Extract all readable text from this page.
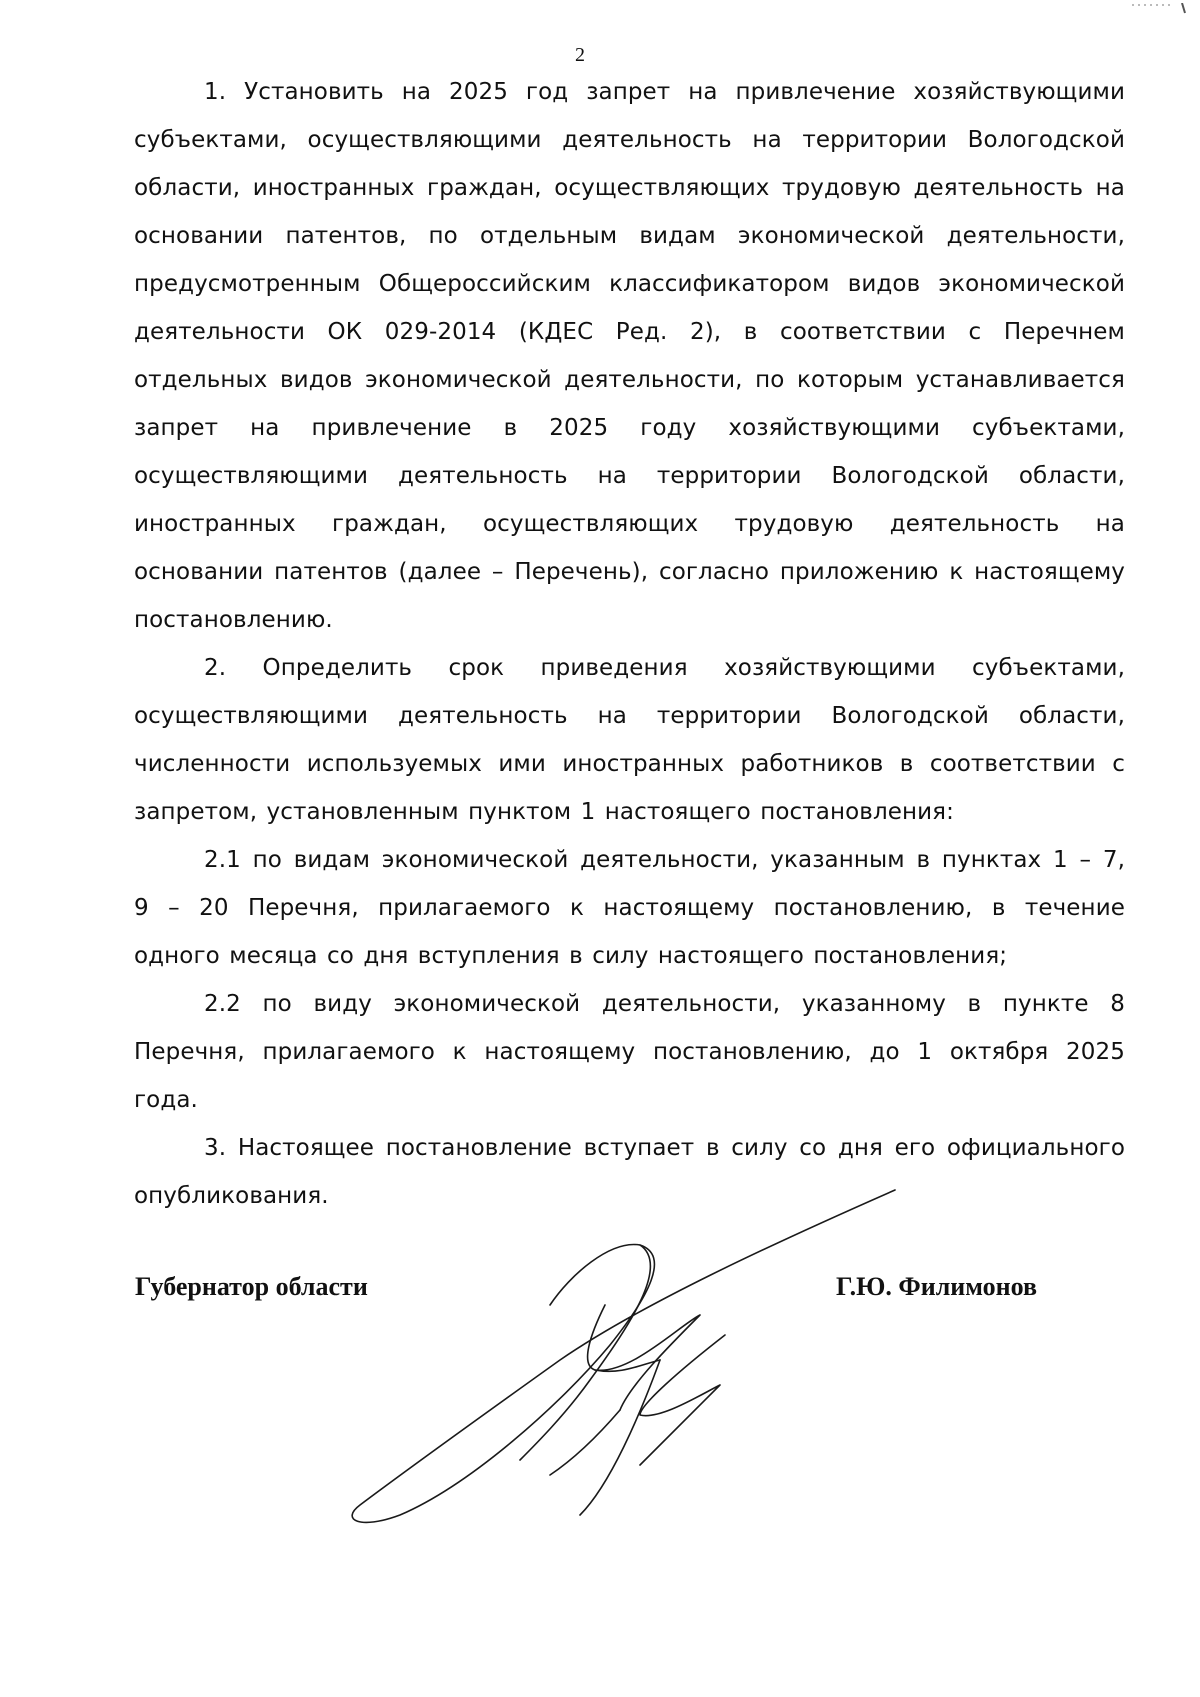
2

1. Установить на 2025 год запрет на привлечение хозяйствующими субъектами, осуществляющими деятельность на территории Вологодской области, иностранных граждан, осуществляющих трудовую деятельность на основании патентов, по отдельным видам экономической деятельности, предусмотренным Общероссийским классификатором видов экономической деятельности ОК 029-2014 (КДЕС Ред. 2), в соответствии с Перечнем отдельных видов экономической деятельности, по которым устанавливается запрет на привлечение в 2025 году хозяйствующими субъектами, осуществляющими деятельность на территории Вологодской области, иностранных граждан, осуществляющих трудовую деятельность на основании патентов (далее – Перечень), согласно приложению к настоящему постановлению.

2. Определить срок приведения хозяйствующими субъектами, осуществляющими деятельность на территории Вологодской области, численности используемых ими иностранных работников в соответствии с запретом, установленным пунктом 1 настоящего постановления:

2.1 по видам экономической деятельности, указанным в пунктах 1 – 7, 9 – 20 Перечня, прилагаемого к настоящему постановлению, в течение одного месяца со дня вступления в силу настоящего постановления;

2.2 по виду экономической деятельности, указанному в пункте 8 Перечня, прилагаемого к настоящему постановлению, до 1 октября 2025 года.

3. Настоящее постановление вступает в силу со дня его официального опубликования.

Губернатор области	Г.Ю. Филимонов
